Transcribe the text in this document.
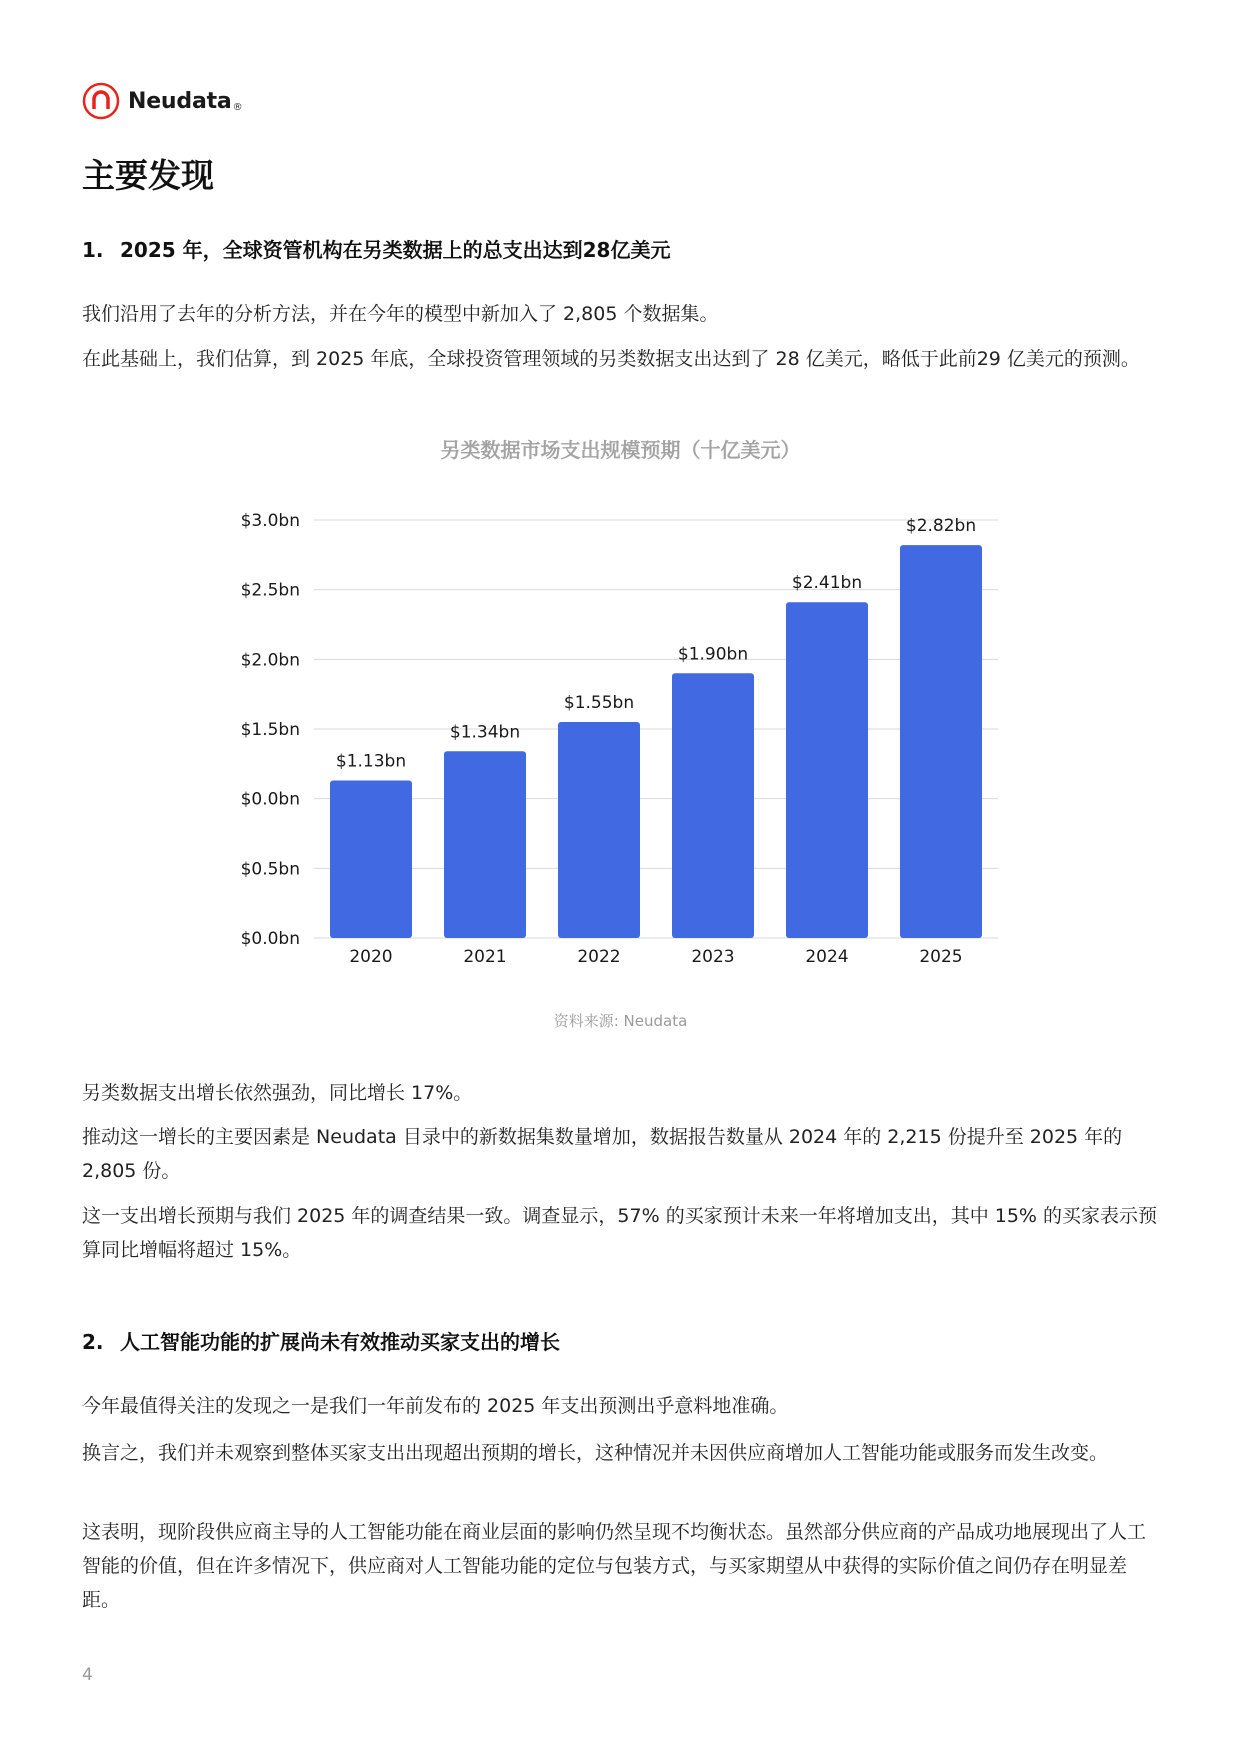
Neudata ®
主要发现
1. 2025 年，全球资管机构在另类数据上的总支出达到28亿美元

我们沿用了去年的分析方法，并在今年的模型中新加入了 2,805 个数据集。

在此基础上，我们估算，到 2025 年底，全球投资管理领域的另类数据支出达到了 28 亿美元，略低于此前29 亿美元的预测。

另类数据市场支出规模预期（十亿美元）

$0.0bn
$0.5bn
$0.0bn
$1.5bn
$2.0bn
$2.5bn
$3.0bn
$1.13bn
$1.34bn
$1.55bn
$1.90bn
$2.41bn
$2.82bn
2020	2021	2022	2023	2024	2025

资料来源: Neudata

另类数据支出增长依然强劲，同比增长 17%。

推动这一增长的主要因素是 Neudata 目录中的新数据集数量增加，数据报告数量从 2024 年的 2,215 份提升至 2025 年的 2,805 份。

这一支出增长预期与我们 2025 年的调查结果一致。调查显示，57% 的买家预计未来一年将增加支出，其中 15% 的买家表示预算同比增幅将超过 15%。

2. 人工智能功能的扩展尚未有效推动买家支出的增长

今年最值得关注的发现之一是我们一年前发布的 2025 年支出预测出乎意料地准确。

换言之，我们并未观察到整体买家支出出现超出预期的增长，这种情况并未因供应商增加人工智能功能或服务而发生改变。

这表明，现阶段供应商主导的人工智能功能在商业层面的影响仍然呈现不均衡状态。虽然部分供应商的产品成功地展现出了人工智能的价值，但在许多情况下，供应商对人工智能功能的定位与包装方式，与买家期望从中获得的实际价值之间仍存在明显差距。

4
